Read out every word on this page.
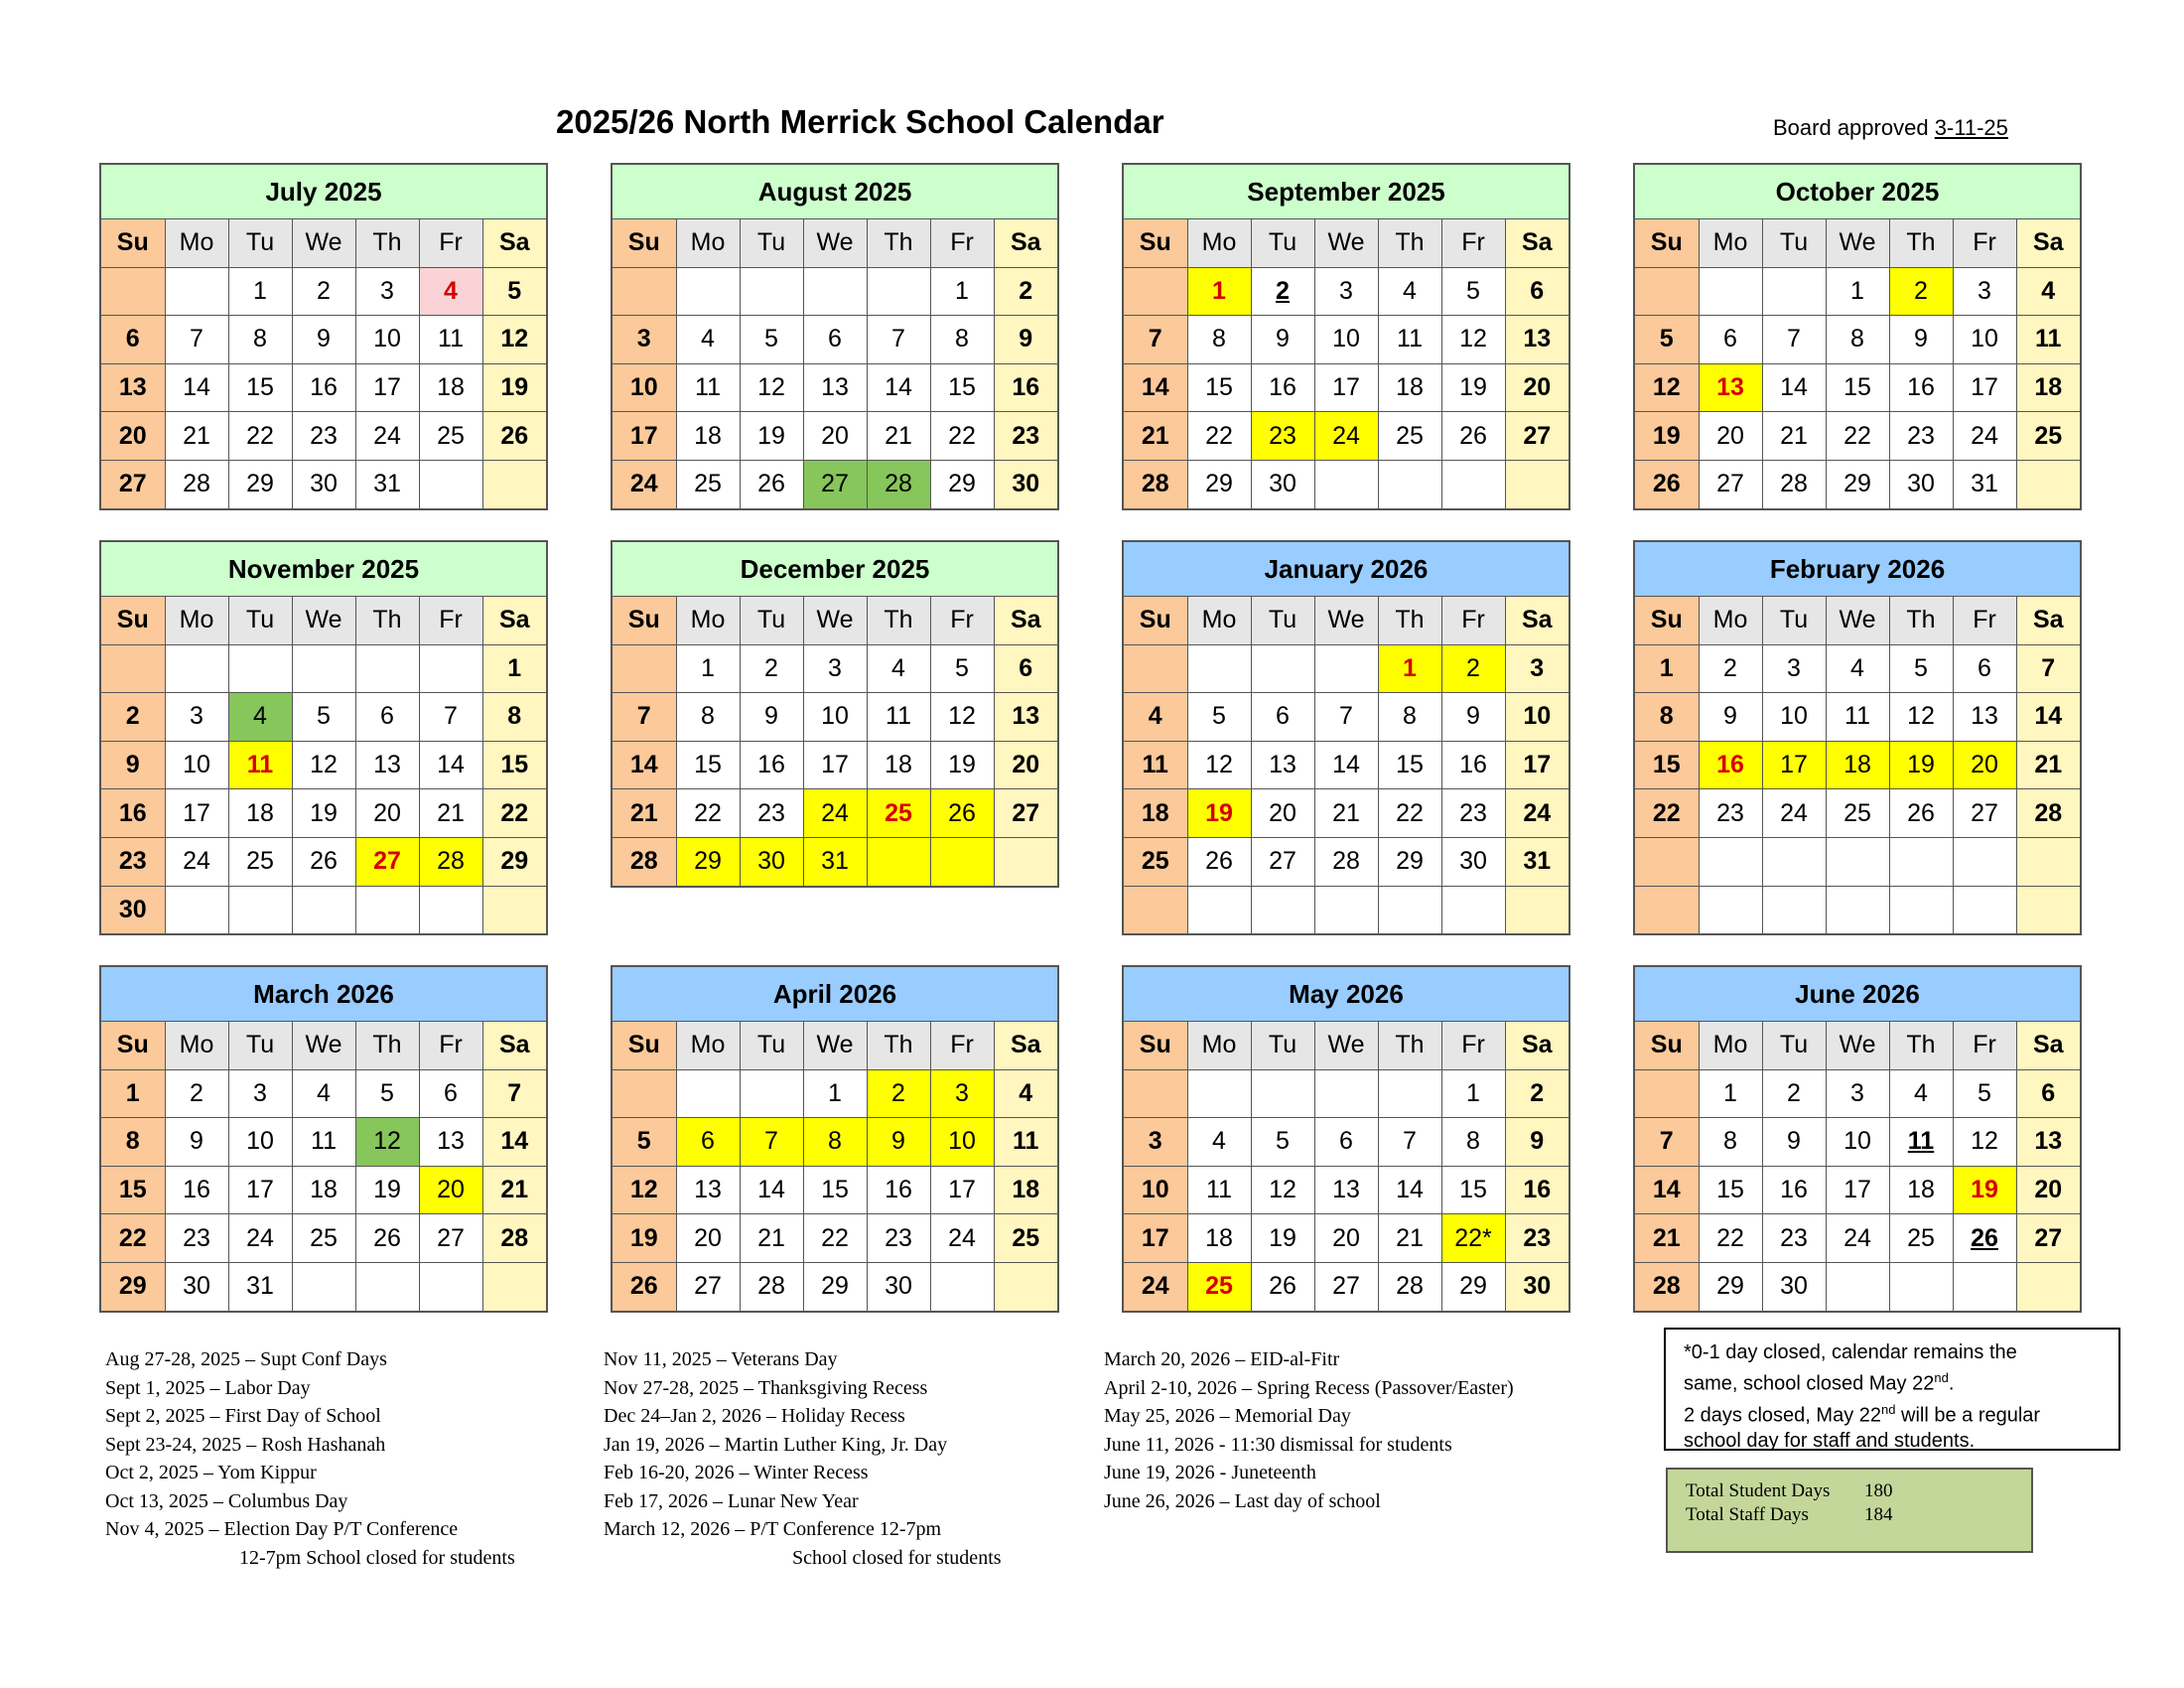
2025/26 North Merrick School Calendar	Board approved 3-11-25
July 2025
Su	Mo	Tu	We	Th	Fr	Sa
		1	2	3	4	5
6	7	8	9	10	11	12
13	14	15	16	17	18	19
20	21	22	23	24	25	26
27	28	29	30	31		
August 2025
Su	Mo	Tu	We	Th	Fr	Sa
					1	2
3	4	5	6	7	8	9
10	11	12	13	14	15	16
17	18	19	20	21	22	23
24	25	26	27	28	29	30
September 2025
Su	Mo	Tu	We	Th	Fr	Sa
	1	2	3	4	5	6
7	8	9	10	11	12	13
14	15	16	17	18	19	20
21	22	23	24	25	26	27
28	29	30				
October 2025
Su	Mo	Tu	We	Th	Fr	Sa
			1	2	3	4
5	6	7	8	9	10	11
12	13	14	15	16	17	18
19	20	21	22	23	24	25
26	27	28	29	30	31	
November 2025
Su	Mo	Tu	We	Th	Fr	Sa
						1
2	3	4	5	6	7	8
9	10	11	12	13	14	15
16	17	18	19	20	21	22
23	24	25	26	27	28	29
30						
December 2025
Su	Mo	Tu	We	Th	Fr	Sa
	1	2	3	4	5	6
7	8	9	10	11	12	13
14	15	16	17	18	19	20
21	22	23	24	25	26	27
28	29	30	31			
January 2026
Su	Mo	Tu	We	Th	Fr	Sa
				1	2	3
4	5	6	7	8	9	10
11	12	13	14	15	16	17
18	19	20	21	22	23	24
25	26	27	28	29	30	31

February 2026
Su	Mo	Tu	We	Th	Fr	Sa
1	2	3	4	5	6	7
8	9	10	11	12	13	14
15	16	17	18	19	20	21
22	23	24	25	26	27	28

March 2026
Su	Mo	Tu	We	Th	Fr	Sa
1	2	3	4	5	6	7
8	9	10	11	12	13	14
15	16	17	18	19	20	21
22	23	24	25	26	27	28
29	30	31				
April 2026
Su	Mo	Tu	We	Th	Fr	Sa
			1	2	3	4
5	6	7	8	9	10	11
12	13	14	15	16	17	18
19	20	21	22	23	24	25
26	27	28	29	30		
May 2026
Su	Mo	Tu	We	Th	Fr	Sa
					1	2
3	4	5	6	7	8	9
10	11	12	13	14	15	16
17	18	19	20	21	22*	23
24	25	26	27	28	29	30
June 2026
Su	Mo	Tu	We	Th	Fr	Sa
	1	2	3	4	5	6
7	8	9	10	11	12	13
14	15	16	17	18	19	20
21	22	23	24	25	26	27
28	29	30				
Aug 27-28, 2025 – Supt Conf Days
Sept 1, 2025 – Labor Day
Sept 2, 2025 – First Day of School
Sept 23-24, 2025 – Rosh Hashanah
Oct 2, 2025 – Yom Kippur
Oct 13, 2025 – Columbus Day
Nov 4, 2025 – Election Day P/T Conference
12-7pm School closed for students
Nov 11, 2025 – Veterans Day
Nov 27-28, 2025 – Thanksgiving Recess
Dec 24–Jan 2, 2026 – Holiday Recess
Jan 19, 2026 – Martin Luther King, Jr. Day
Feb 16-20, 2026 – Winter Recess
Feb 17, 2026 – Lunar New Year
March 12, 2026 – P/T Conference 12-7pm
School closed for students
March 20, 2026 – EID-al-Fitr
April 2-10, 2026 – Spring Recess (Passover/Easter)
May 25, 2026 – Memorial Day
June 11, 2026 - 11:30 dismissal for students
June 19, 2026 - Juneteenth
June 26, 2026 – Last day of school
*0-1 day closed, calendar remains the
same, school closed May 22nd.
2 days closed, May 22nd will be a regular
school day for staff and students.
Total Student Days	180
Total Staff Days	184
